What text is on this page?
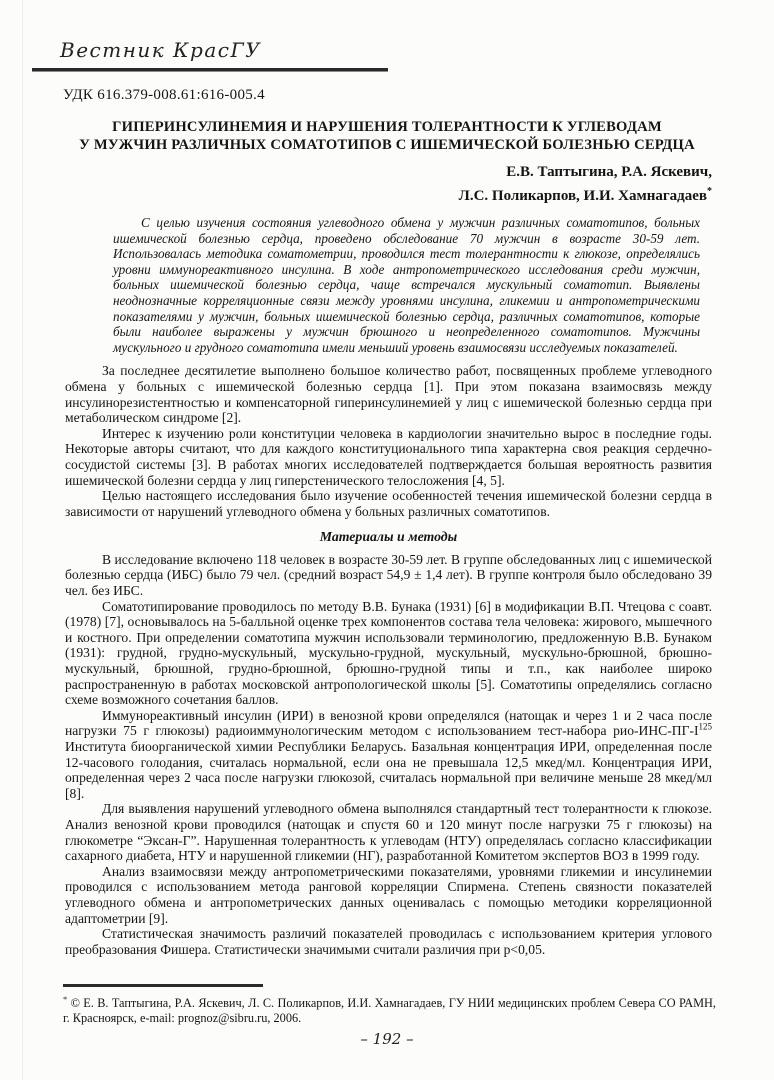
Вестник КрасГУ
УДК 616.379-008.61:616-005.4
ГИПЕРИНСУЛИНЕМИЯ И НАРУШЕНИЯ ТОЛЕРАНТНОСТИ К УГЛЕВОДАМ
У МУЖЧИН РАЗЛИЧНЫХ СОМАТОТИПОВ С ИШЕМИЧЕСКОЙ БОЛЕЗНЬЮ СЕРДЦА
Е.В. Таптыгина, Р.А. Яскевич,
Л.С. Поликарпов, И.И. Хамнагадаев*
С целью изучения состояния углеводного обмена у мужчин различных соматотипов, больных ишемической болезнью сердца, проведено обследование 70 мужчин в возрасте 30-59 лет. Использовалась методика соматометрии, проводился тест толерантности к глюкозе, определялись уровни иммунореактивного инсулина. В ходе антропометрического исследования среди мужчин, больных ишемической болезнью сердца, чаще встречался мускульный соматотип. Выявлены неоднозначные корреляционные связи между уровнями инсулина, гликемии и антропометрическими показателями у мужчин, больных ишемической болезнью сердца, различных соматотипов, которые были наиболее выражены у мужчин брюшного и неопределенного соматотипов. Мужчины мускульного и грудного соматотипа имели меньший уровень взаимосвязи исследуемых показателей.

За последнее десятилетие выполнено большое количество работ, посвященных проблеме углеводного обмена у больных с ишемической болезнью сердца [1]. При этом показана взаимосвязь между инсулинорезистентностью и компенсаторной гиперинсулинемией у лиц с ишемической болезнью сердца при метаболическом синдроме [2].

Интерес к изучению роли конституции человека в кардиологии значительно вырос в последние годы. Некоторые авторы считают, что для каждого конституционального типа характерна своя реакция сердечно-сосудистой системы [3]. В работах многих исследователей подтверждается большая вероятность развития ишемической болезни сердца у лиц гиперстенического телосложения [4, 5].

Целью настоящего исследования было изучение особенностей течения ишемической болезни сердца в зависимости от нарушений углеводного обмена у больных различных соматотипов.

Материалы и методы

В исследование включено 118 человек в возрасте 30-59 лет. В группе обследованных лиц с ишемической болезнью сердца (ИБС) было 79 чел. (средний возраст 54,9 ± 1,4 лет). В группе контроля было обследовано 39 чел. без ИБС.

Соматотипирование проводилось по методу В.В. Бунака (1931) [6] в модификации В.П. Чтецова с соавт. (1978) [7], основывалось на 5-балльной оценке трех компонентов состава тела человека: жирового, мышечного и костного. При определении соматотипа мужчин использовали терминологию, предложенную В.В. Бунаком (1931): грудной, грудно-мускульный, мускульно-грудной, мускульный, мускульно-брюшной, брюшно-мускульный, брюшной, грудно-брюшной, брюшно-грудной типы и т.п., как наиболее широко распространенную в работах московской антропологической школы [5]. Соматотипы определялись согласно схеме возможного сочетания баллов.

Иммунореактивный инсулин (ИРИ) в венозной крови определялся (натощак и через 1 и 2 часа после нагрузки 75 г глюкозы) радиоиммунологическим методом с использованием тест-набора рио-$ИНС-ПГ-I^{125}$ Института биоорганической химии Республики Беларусь. Базальная концентрация ИРИ, определенная после 12-часового голодания, считалась нормальной, если она не превышала 12,5 мкед/мл. Концентрация ИРИ, определенная через 2 часа после нагрузки глюкозой, считалась нормальной при величине меньше 28 мкед/мл [8].

Для выявления нарушений углеводного обмена выполнялся стандартный тест толерантности к глюкозе. Анализ венозной крови проводился (натощак и спустя 60 и 120 минут после нагрузки 75 г глюкозы) на глюкометре “Эксан-Г”. Нарушенная толерантность к углеводам (НТУ) определялась согласно классификации сахарного диабета, НТУ и нарушенной гликемии (НГ), разработанной Комитетом экспертов ВОЗ в 1999 году.

Анализ взаимосвязи между антропометрическими показателями, уровнями гликемии и инсулинемии проводился с использованием метода ранговой корреляции Спирмена. Степень связности показателей углеводного обмена и антропометрических данных оценивалась с помощью методики корреляционной адаптометрии [9].

Статистическая значимость различий показателей проводилась с использованием критерия углового преобразования Фишера. Статистически значимыми считали различия при p<0,05.

* © Е. В. Таптыгина, Р.А. Яскевич, Л. С. Поликарпов, И.И. Хамнагадаев, ГУ НИИ медицинских проблем Севера СО РАМН, г. Красноярск, e-mail: prognoz@sibru.ru, 2006.
– 192 –
